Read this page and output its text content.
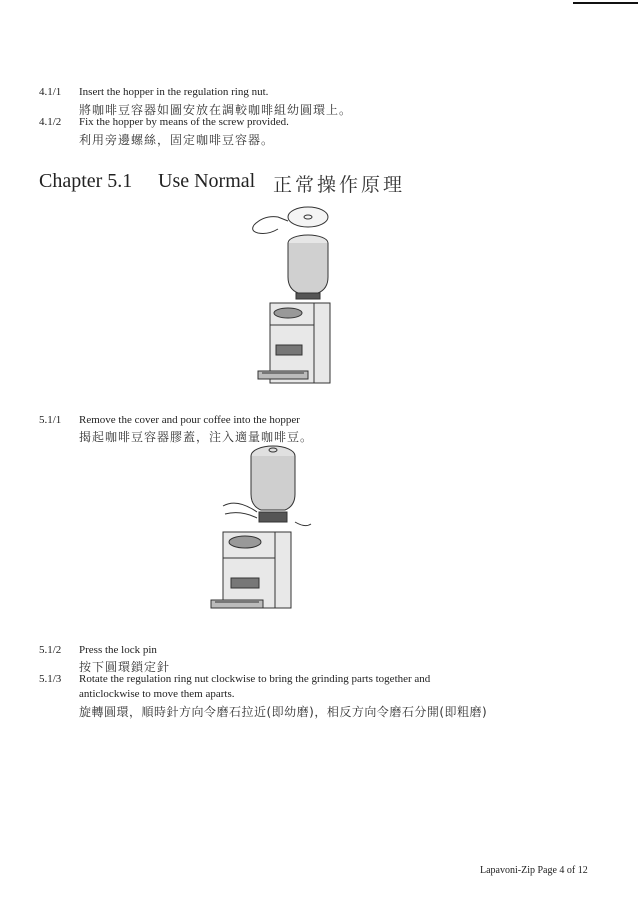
4.1/1 Insert the hopper in the regulation ring nut.
將咖啡豆容器如圖安放在調較咖啡組幼圓環上。
4.1/2 Fix the hopper by means of the screw provided.
利用旁邊螺絲，固定咖啡豆容器。
Chapter 5.1 Use Normal 正常操作原理
5.1/1 Remove the cover and pour coffee into the hopper
揭起咖啡豆容器膠蓋，注入適量咖啡豆。
5.1/2 Press the lock pin
按下圓環鎖定針
5.1/3 Rotate the regulation ring nut clockwise to bring the grinding parts together and
anticlockwise to move them aparts.
旋轉圓環，順時針方向令磨石拉近(即幼磨)，相反方向令磨石分開(即粗磨)
Lapavoni-Zip Page 4 of 12
